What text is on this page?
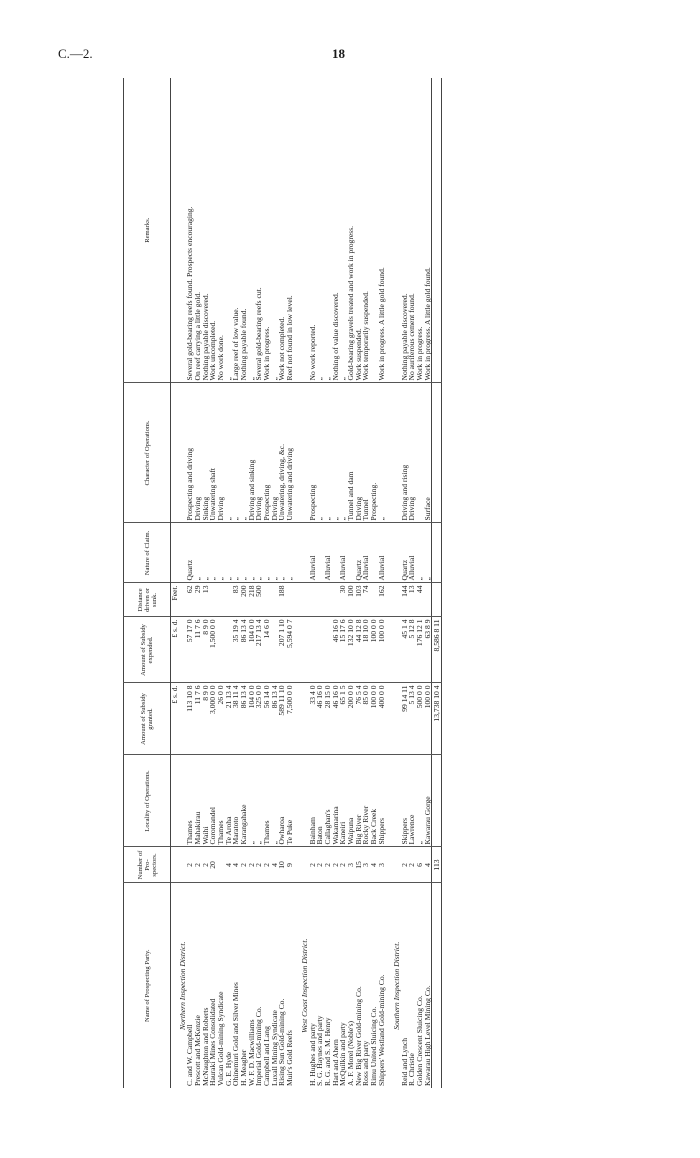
C.—2.	18
Name of Prospecting Party.	Number of Pro-spectors.	Locality of Operations.	Amount of Subsidy granted.	Amount of Subsidy expended.	Distance driven or sunk.	Nature of Claim.	Character of Operations.	Remarks.
			£ s. d.	£ s. d.	Feet.			
Northern Inspection District.								
C. and W. Campbell	2	Thames	113 10 8	57 17 0	62	Quartz	Prospecting and driving	Several gold-bearing reefs found. Prospects encouraging.
Prescott and McKenzie	2	Mahakirau	11 7 6	11 7 6	29	„	Driving	On reef carrying a little gold.
McNaughton and Roberts	2	Waihi	8 9 0	8 9 0	13	„	Sinking	Nothing payable discovered.
Hauraki Mines Consolidated	20	Coromandel	3,000 0 0	1,500 0 0		„	Unwatering shaft	Work uncompleted.
Vulcan Gold-mining Syndicate		Thames	26 0 0			„	Driving	No work done.
G. E. Hyde	4	Te Aroha	21 13 4			„	„	„
Ohinemuri Gold and Silver Mines	4	Maratoto	38 11 4	35 19 4	83	„	„	Large reef of low value.
H. Meagher	2	Karangahake	86 13 4	86 13 4	200	„	„	Nothing payable found.
W. F. D. Macwilliams	2	„	104 0 0	104 0 0	218	„	Driving and sinking	„
Imperial Gold-mining Co.	2	„	325 0 0	217 13 4	500	„	Driving	Several gold-bearing reefs cut.
Campbell and Lang	2	Thames	56 14 0	14 6 0		„	Prospecting	Work in progress.
Luxall Mining Syndicate	4	„	86 13 4			„	Driving	„
Rising Sun Gold-mining Co.	10	Owharoa	589 11 10	207 1 10	188	„	Unwatering, driving, &c.	Work not completed.
Muir's Gold Reefs	9	Te Puke	7,500 0 0	5,594 0 7		„	Unwatering and driving	Reef not found in low level.

West Coast Inspection District.								
H. Hughes and party	2	Bainham	33 4 0			Alluvial	Prospecting	No work reported.
S. G. Haynes and party	2	Baton	46 16 0				„	„
R. G. and S. M. Henry	2	Callaghan's	28 15 0			Alluvial	„	„
Hart and Ahern	2	Wakamarina	46 16 0	46 16 0			„	Nothing of value discovered.
McQuilkin and party	2	Kaneiri	65 1 5	15 17 6	30	Alluvial	„	„
A. F. Morel (Noble's)	3	Waipuna	200 0 0	132 10 0	100		Tunnel and dam	Gold-bearing gravels treated and work in progress.
New Big River Gold-mining Co.	15	Big River	76 5 4	44 12 8	103	Quartz	Driving	Work suspended.
Ross and party	3	Rocky River	85 0 0	18 10 0	74	Alluvial	Tunnel	Work temporarily suspended.
Rimu United Sluicing Co.	4	Back Creek	100 0 0	100 0 0			Prospecting.	
Shippers' Westland Gold-mining Co.	3	Shippers	400 0 0	100 0 0	162	Alluvial	„	Work in progress. A little gold found.

Southern Inspection District.								
Reid and Lynch	2	Skippers	99 14 11	45 1 4	144	Quartz	Driving and rising	Nothing payable discovered.
R. Christie	2	Lawrence	5 13 4	5 12 8	13	Alluvial	Driving	No auriferous cement found.
Golden Crescent Sluicing Co.	6	„	500 0 0	176 12 1	44	„		Work in progress.
Kawarau High Level Mining Co.	4	Kawarau Gorge	100 0 0	63 8 9		„	Surface	Work in progress. A little gold found.
	113		13,738 10 4	8,586 8 11				
